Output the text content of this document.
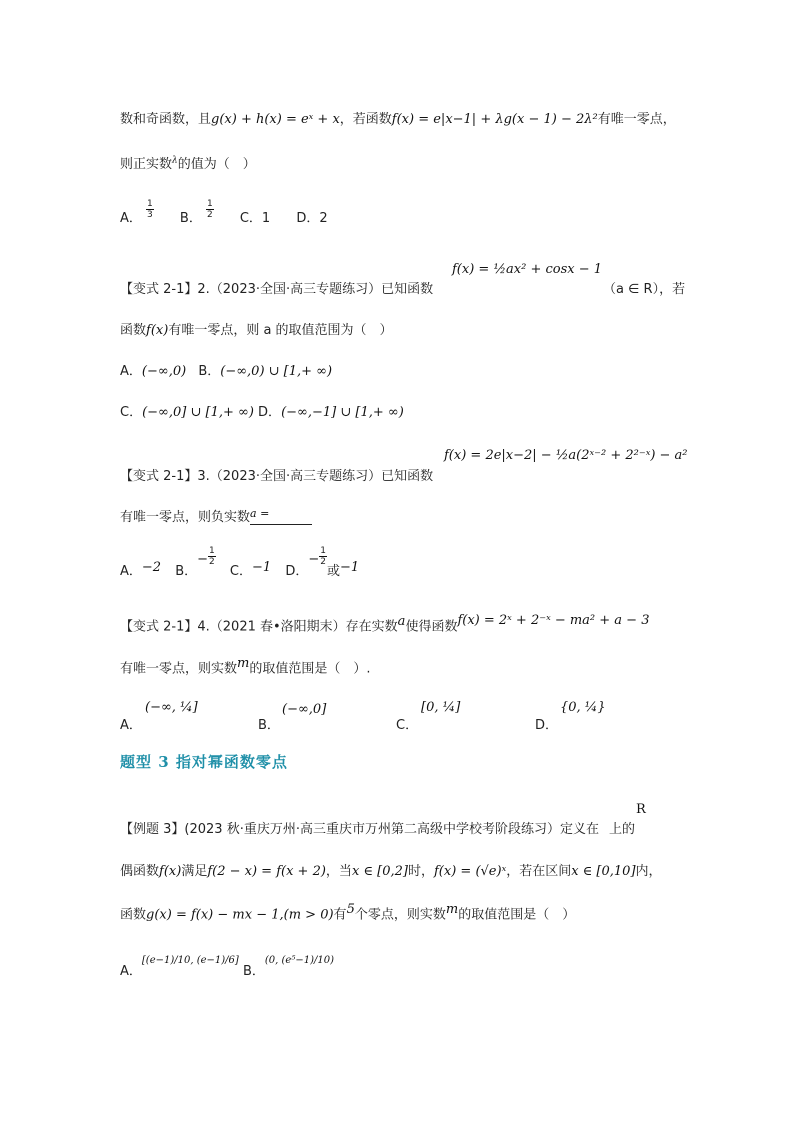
数和奇函数，且g(x) + h(x) = eˣ + x，若函数f(x) = e|x−1| + λg(x − 1) − 2λ²有唯一零点，
则正实数$^\lambda$的值为（　）
A． $\frac{1}{3}$ B． $\frac{1}{2}$ C．1 D．2
f(x) = ½ax² + cosx − 1
【变式 2-1】2.（2023·全国·高三专题练习）已知函数	（a ∈ R），若
函数f(x)有唯一零点，则 a 的取值范围为（　）
A．(−∞,0) B．(−∞,0) ∪ [1,+ ∞)
C．(−∞,0] ∪ [1,+ ∞) D．(−∞,−1] ∪ [1,+ ∞)
f(x) = 2e|x−2| − ½a(2ˣ⁻² + 2²⁻ˣ) − a²
【变式 2-1】3.（2023·全国·高三专题练习）已知函数
有唯一零点，则负实数$^{a =}$
A．−2 B．− $\frac{1}{2}$
C．−1 D．− $\frac{1}{2}$
或−1
【变式 2-1】4.（2021 春•洛阳期末）存在实数$^a$使得函数f(x) = 2ˣ + 2⁻ˣ − ma² + a − 3
有唯一零点，则实数$^m$的取值范围是（　）.
A．
(−∞, ¼]
B．
(−∞,0]
C．
[0, ¼]
D．
{0, ¼}
题型 3 指对幂函数零点
R
【例题 3】(2023 秋·重庆万州·高三重庆市万州第二高级中学校考阶段练习）定义在 上的
偶函数f(x)满足f(2 − x) = f(x + 2)，当x ∈ [0,2]时，f(x) = (√e)ˣ，若在区间x ∈ [0,10]内，
函数g(x) = f(x) − mx − 1,(m > 0)有$^5$个零点，则实数$^m$的取值范围是（　）
A．[(e−1)/10, (e−1)/6] B．$^{(0, (e^5-1)/10)}$
